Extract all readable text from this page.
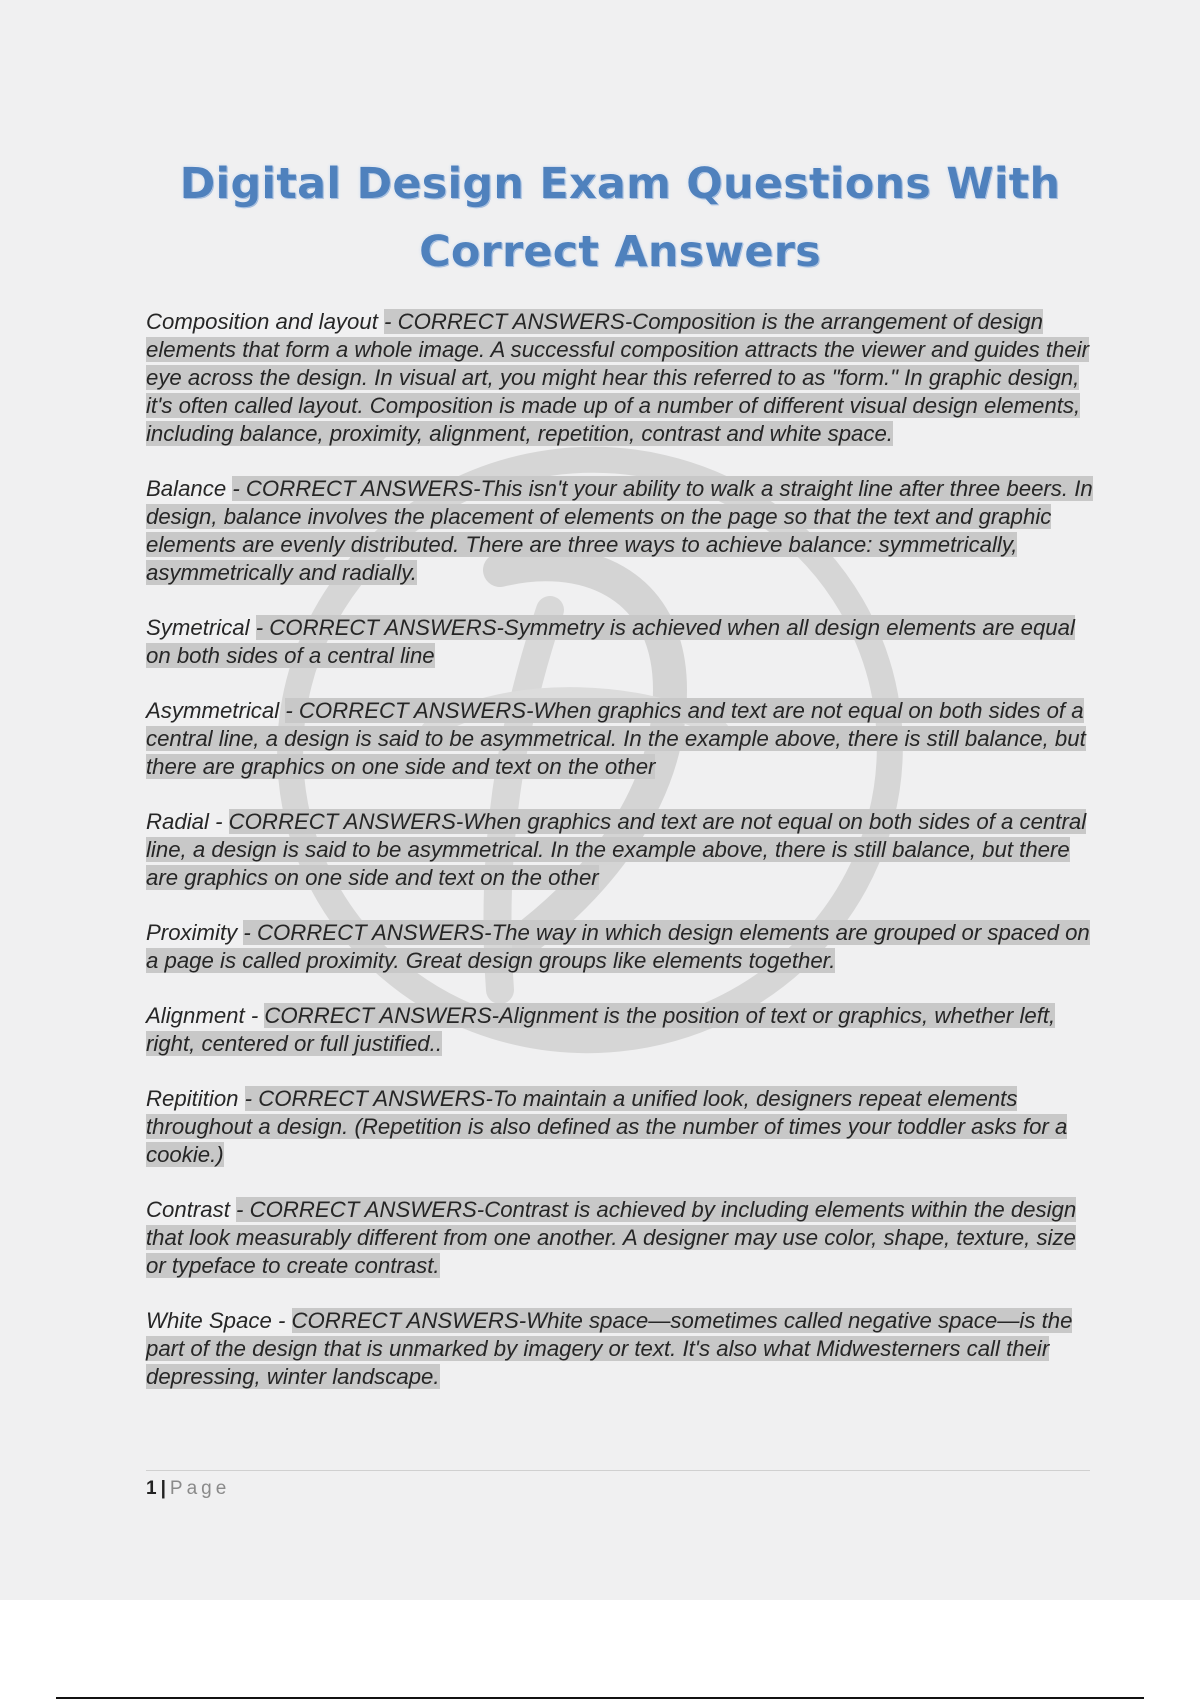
Digital Design Exam Questions With Correct Answers

Composition and layout - CORRECT ANSWERS-Composition is the arrangement of design elements that form a whole image. A successful composition attracts the viewer and guides their eye across the design. In visual art, you might hear this referred to as "form." In graphic design, it's often called layout. Composition is made up of a number of different visual design elements, including balance, proximity, alignment, repetition, contrast and white space.

Balance - CORRECT ANSWERS-This isn't your ability to walk a straight line after three beers. In design, balance involves the placement of elements on the page so that the text and graphic elements are evenly distributed. There are three ways to achieve balance: symmetrically, asymmetrically and radially.

Symetrical - CORRECT ANSWERS-Symmetry is achieved when all design elements are equal on both sides of a central line

Asymmetrical - CORRECT ANSWERS-When graphics and text are not equal on both sides of a central line, a design is said to be asymmetrical. In the example above, there is still balance, but there are graphics on one side and text on the other

Radial - CORRECT ANSWERS-When graphics and text are not equal on both sides of a central line, a design is said to be asymmetrical. In the example above, there is still balance, but there are graphics on one side and text on the other

Proximity - CORRECT ANSWERS-The way in which design elements are grouped or spaced on a page is called proximity. Great design groups like elements together.

Alignment - CORRECT ANSWERS-Alignment is the position of text or graphics, whether left, right, centered or full justified..

Repitition - CORRECT ANSWERS-To maintain a unified look, designers repeat elements throughout a design. (Repetition is also defined as the number of times your toddler asks for a cookie.)

Contrast - CORRECT ANSWERS-Contrast is achieved by including elements within the design that look measurably different from one another. A designer may use color, shape, texture, size or typeface to create contrast.

White Space - CORRECT ANSWERS-White space—sometimes called negative space—is the part of the design that is unmarked by imagery or text. It's also what Midwesterners call their depressing, winter landscape.

1 | Page
